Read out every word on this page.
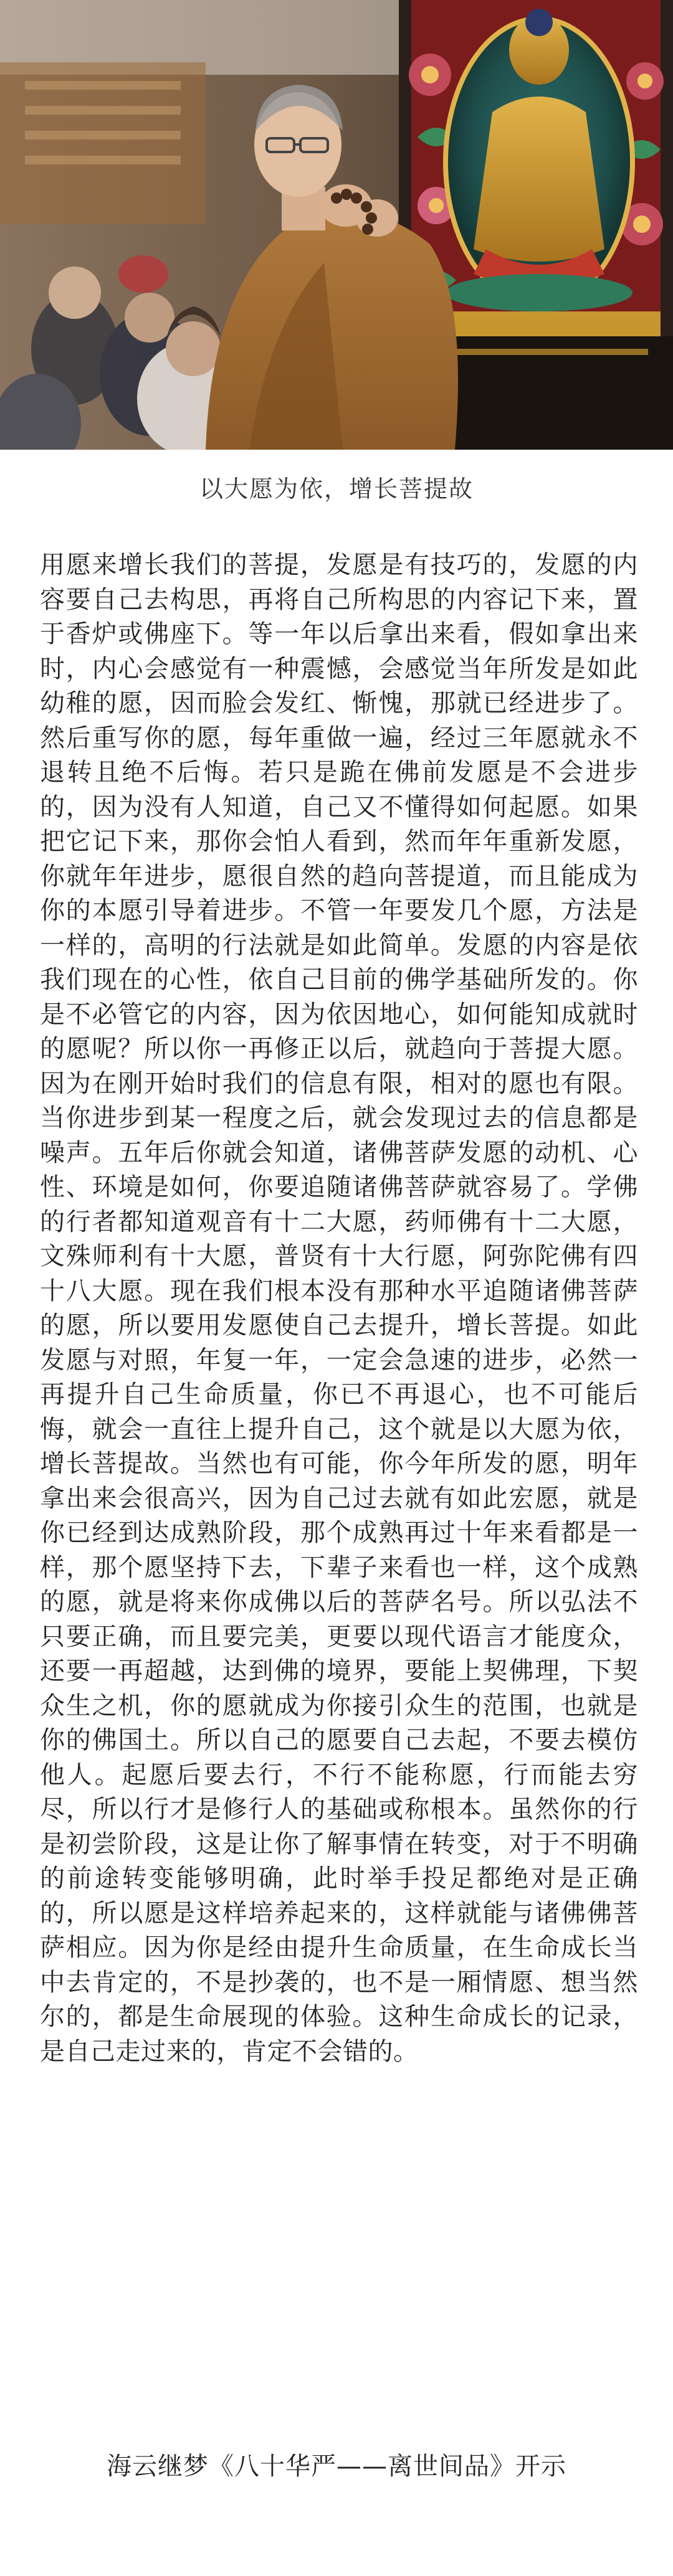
以大愿为依，增长菩提故

用愿来增长我们的菩提，发愿是有技巧的，发愿的内容要自己去构思，再将自己所构思的内容记下来，置于香炉或佛座下。等一年以后拿出来看，假如拿出来时，内心会感觉有一种震憾，会感觉当年所发是如此幼稚的愿，因而脸会发红、惭愧，那就已经进步了。然后重写你的愿，每年重做一遍，经过三年愿就永不退转且绝不后悔。若只是跪在佛前发愿是不会进步的，因为没有人知道，自己又不懂得如何起愿。如果把它记下来，那你会怕人看到，然而年年重新发愿，你就年年进步，愿很自然的趋向菩提道，而且能成为你的本愿引导着进步。不管一年要发几个愿，方法是一样的，高明的行法就是如此简单。发愿的内容是依我们现在的心性，依自己目前的佛学基础所发的。你是不必管它的内容，因为依因地心，如何能知成就时的愿呢？所以你一再修正以后，就趋向于菩提大愿。因为在刚开始时我们的信息有限，相对的愿也有限。当你进步到某一程度之后，就会发现过去的信息都是噪声。五年后你就会知道，诸佛菩萨发愿的动机、心性、环境是如何，你要追随诸佛菩萨就容易了。学佛的行者都知道观音有十二大愿，药师佛有十二大愿，文殊师利有十大愿，普贤有十大行愿，阿弥陀佛有四十八大愿。现在我们根本没有那种水平追随诸佛菩萨的愿，所以要用发愿使自己去提升，增长菩提。如此发愿与对照，年复一年，一定会急速的进步，必然一再提升自己生命质量，你已不再退心，也不可能后悔，就会一直往上提升自己，这个就是以大愿为依，增长菩提故。当然也有可能，你今年所发的愿，明年拿出来会很高兴，因为自己过去就有如此宏愿，就是你已经到达成熟阶段，那个成熟再过十年来看都是一样，那个愿坚持下去，下辈子来看也一样，这个成熟的愿，就是将来你成佛以后的菩萨名号。所以弘法不只要正确，而且要完美，更要以现代语言才能度众，还要一再超越，达到佛的境界，要能上契佛理，下契众生之机，你的愿就成为你接引众生的范围，也就是你的佛国土。所以自己的愿要自己去起，不要去模仿他人。起愿后要去行，不行不能称愿，行而能去穷尽，所以行才是修行人的基础或称根本。虽然你的行是初尝阶段，这是让你了解事情在转变，对于不明确的前途转变能够明确，此时举手投足都绝对是正确的，所以愿是这样培养起来的，这样就能与诸佛佛菩萨相应。因为你是经由提升生命质量，在生命成长当中去肯定的，不是抄袭的，也不是一厢情愿、想当然尔的，都是生命展现的体验。这种生命成长的记录，是自己走过来的，肯定不会错的。

海云继梦《八十华严——离世间品》开示
